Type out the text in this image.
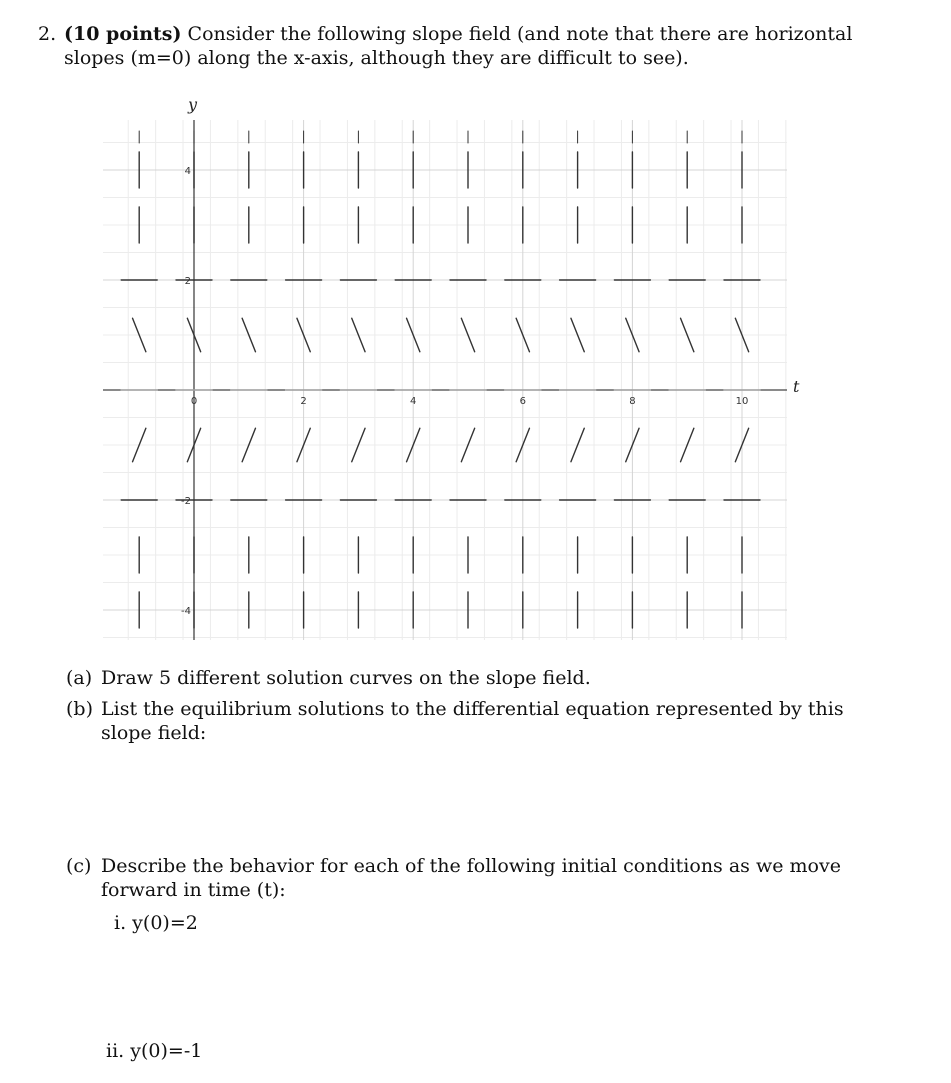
2. (10 points) Consider the following slope field (and note that there are horizontal slopes (m=0) along the x-axis, although they are difficult to see).
t
y
0	2	4	6	8	10
4
2
-2
-4
(a) Draw 5 different solution curves on the slope field.
(b) List the equilibrium solutions to the differential equation represented by this slope field:
(c) Describe the behavior for each of the following initial conditions as we move forward in time (t):
i. y(0)=2
ii. y(0)=-1
